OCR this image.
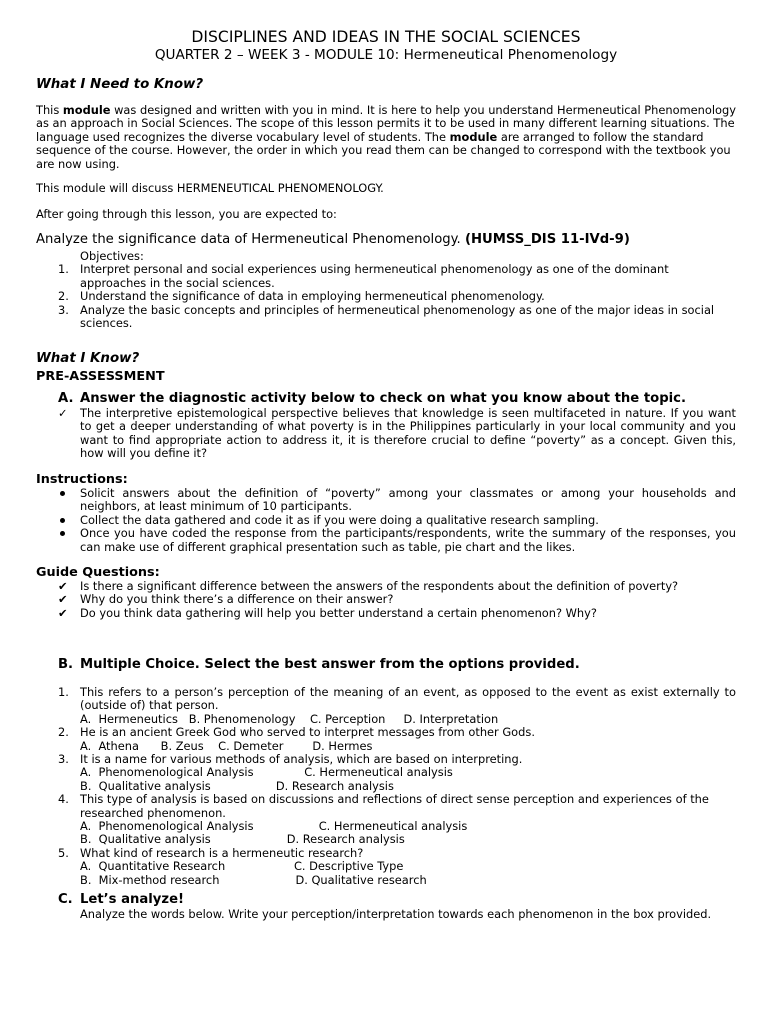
DISCIPLINES AND IDEAS IN THE SOCIAL SCIENCES
QUARTER 2 – WEEK 3 - MODULE 10: Hermeneutical Phenomenology
What I Need to Know?

This module was designed and written with you in mind. It is here to help you understand Hermeneutical Phenomenology as an approach in Social Sciences. The scope of this lesson permits it to be used in many different learning situations. The language used recognizes the diverse vocabulary level of students. The module are arranged to follow the standard sequence of the course. However, the order in which you read them can be changed to correspond with the textbook you are now using.

This module will discuss HERMENEUTICAL PHENOMENOLOGY.

After going through this lesson, you are expected to:

Analyze the significance data of Hermeneutical Phenomenology. (HUMSS_DIS 11-IVd-9)
Objectives:
1. Interpret personal and social experiences using hermeneutical phenomenology as one of the dominant approaches in the social sciences.
2. Understand the significance of data in employing hermeneutical phenomenology.
3. Analyze the basic concepts and principles of hermeneutical phenomenology as one of the major ideas in social sciences.
What I Know?
PRE-ASSESSMENT
A. Answer the diagnostic activity below to check on what you know about the topic.
✓ The interpretive epistemological perspective believes that knowledge is seen multifaceted in nature. If you want to get a deeper understanding of what poverty is in the Philippines particularly in your local community and you want to find appropriate action to address it, it is therefore crucial to define “poverty” as a concept. Given this, how will you define it?
Instructions:
Solicit answers about the definition of “poverty” among your classmates or among your households and neighbors, at least minimum of 10 participants.
Collect the data gathered and code it as if you were doing a qualitative research sampling.
Once you have coded the response from the participants/respondents, write the summary of the responses, you can make use of different graphical presentation such as table, pie chart and the likes.
Guide Questions:
✔ Is there a significant difference between the answers of the respondents about the definition of poverty?
✔ Why do you think there’s a difference on their answer?
✔ Do you think data gathering will help you better understand a certain phenomenon? Why?
B. Multiple Choice. Select the best answer from the options provided.
1. This refers to a person’s perception of the meaning of an event, as opposed to the event as exist externally to (outside of) that person.
A.  Hermeneutics   B. Phenomenology    C. Perception     D. Interpretation
2. He is an ancient Greek God who served to interpret messages from other Gods.
A.  Athena      B. Zeus    C. Demeter        D. Hermes
3. It is a name for various methods of analysis, which are based on interpreting.
A.  Phenomenological Analysis              C. Hermeneutical analysis
B.  Qualitative analysis                  D. Research analysis
4. This type of analysis is based on discussions and reflections of direct sense perception and experiences of the researched phenomenon.
A.  Phenomenological Analysis                  C. Hermeneutical analysis
B.  Qualitative analysis                     D. Research analysis
5. What kind of research is a hermeneutic research?
A.  Quantitative Research                   C. Descriptive Type
B.  Mix-method research                     D. Qualitative research
C. Let’s analyze!
Analyze the words below. Write your perception/interpretation towards each phenomenon in the box provided.
